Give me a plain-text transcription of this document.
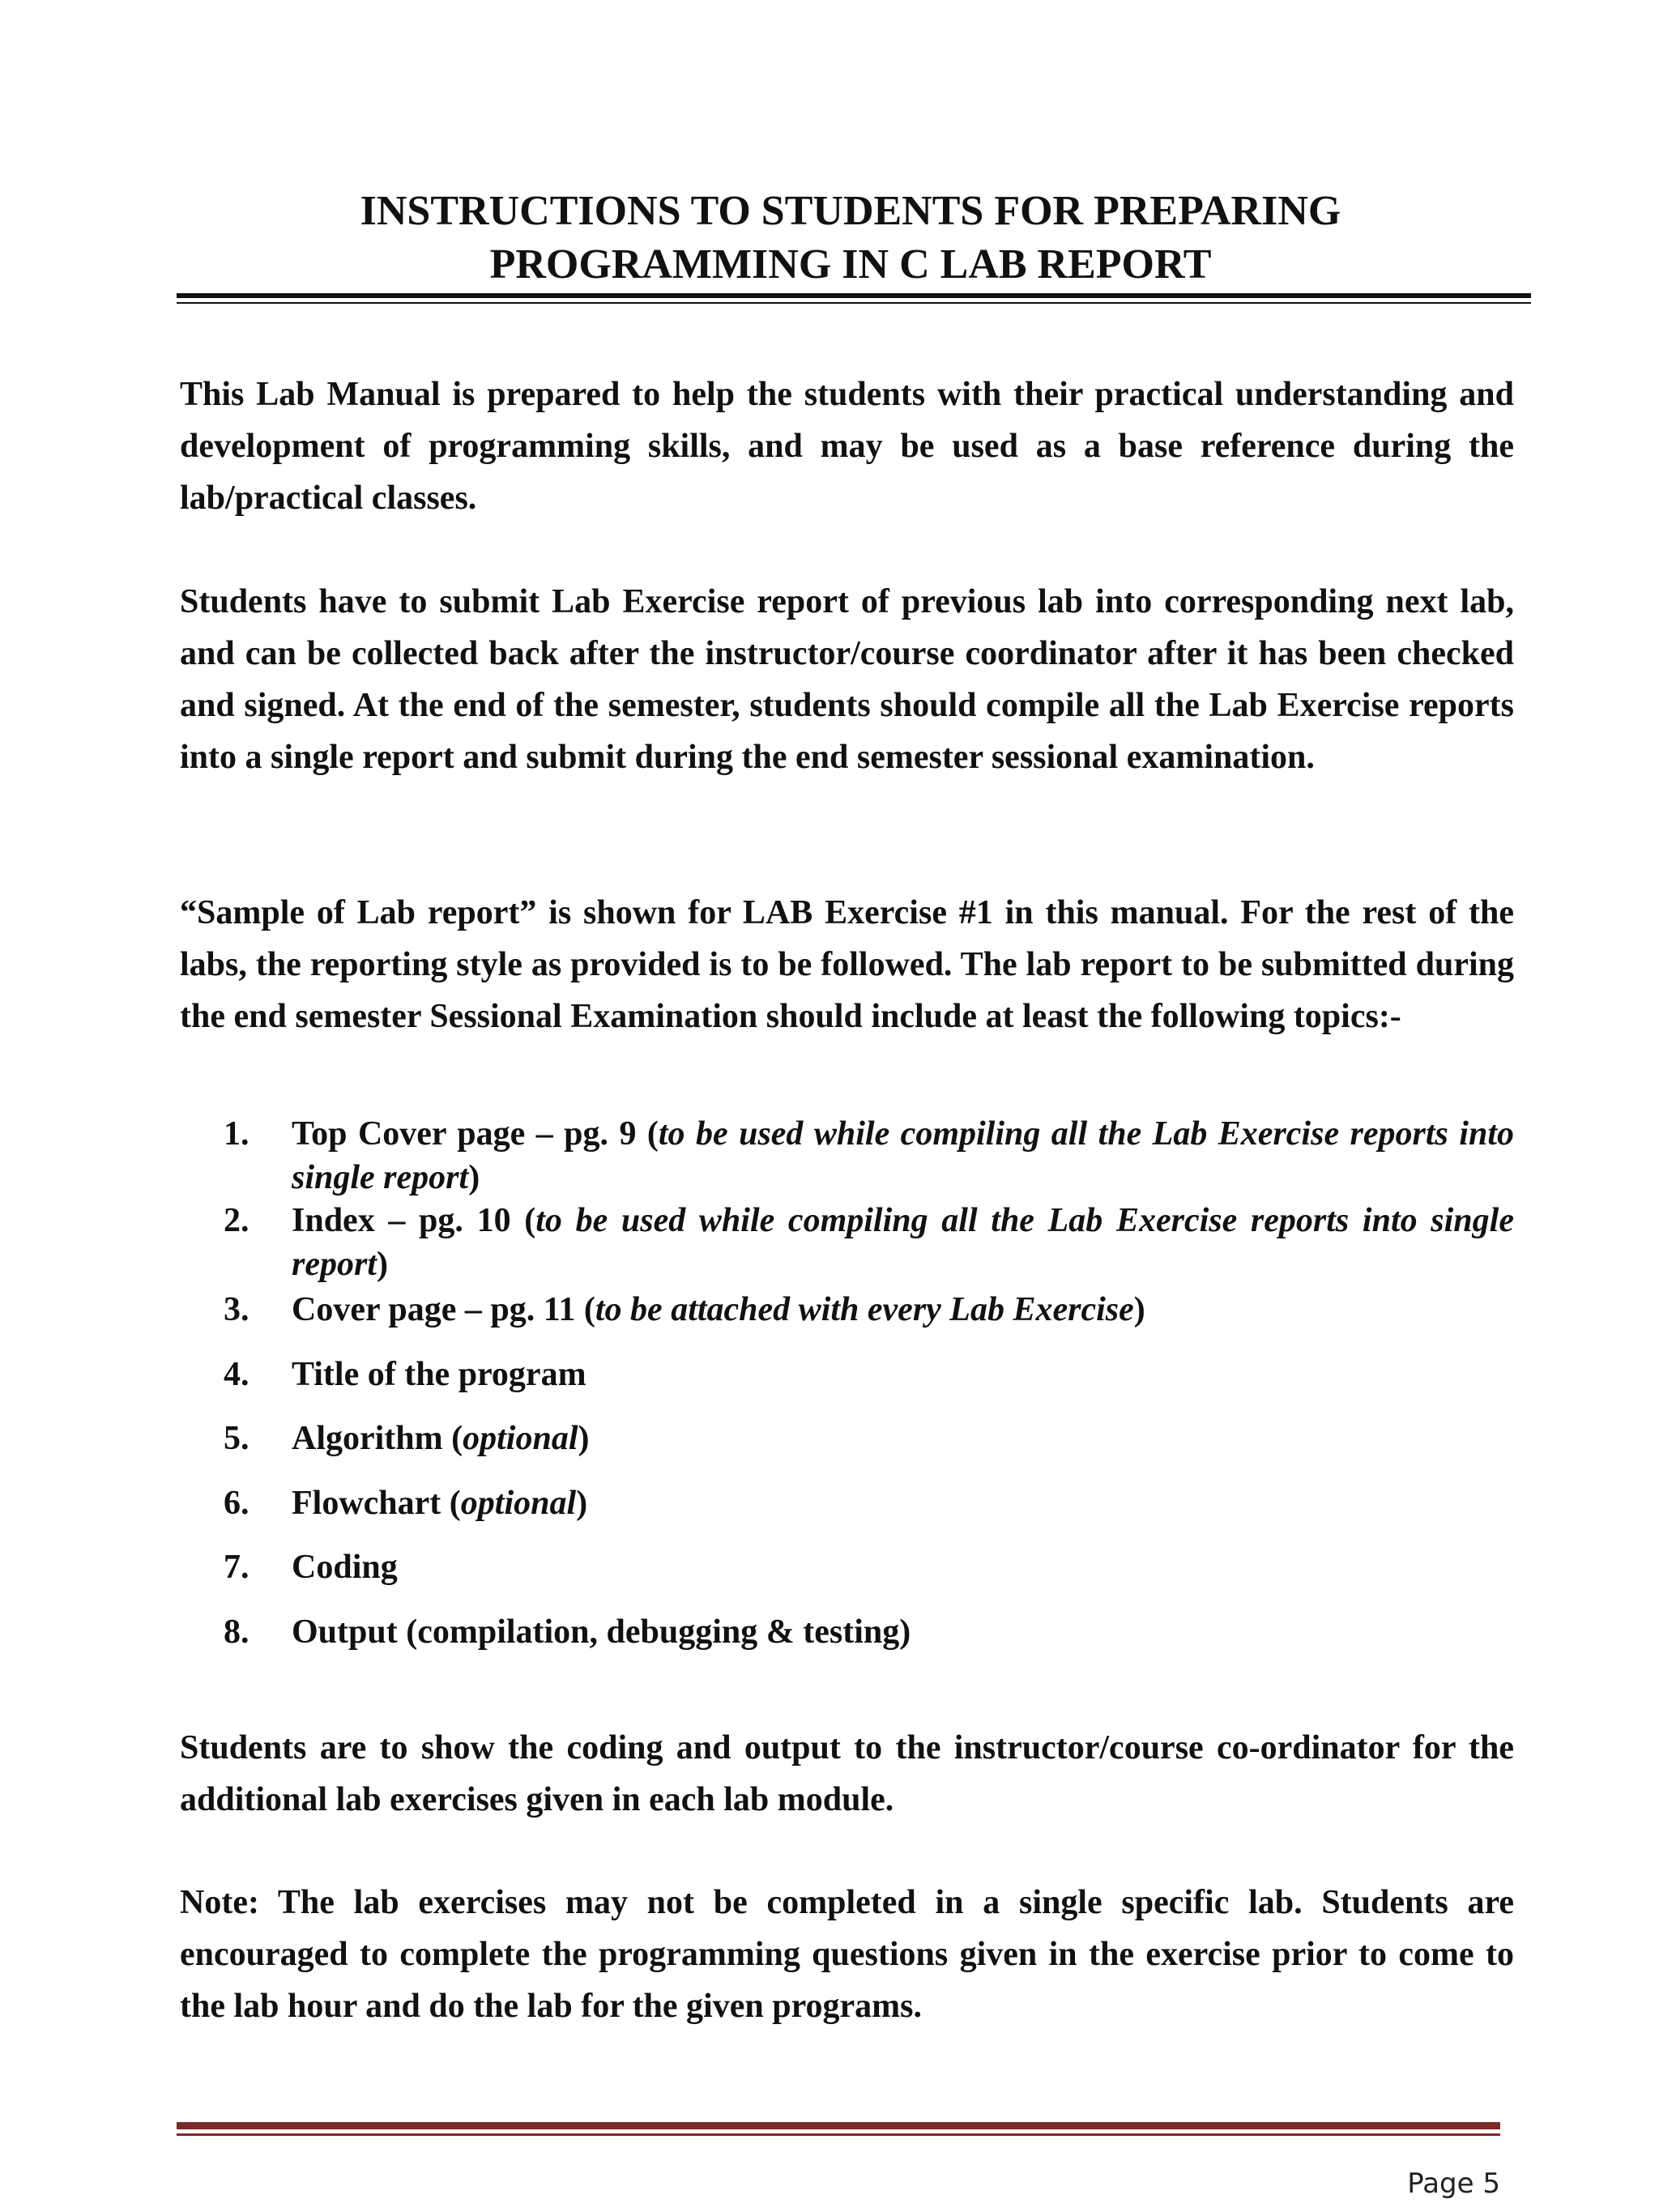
INSTRUCTIONS TO STUDENTS FOR PREPARING
PROGRAMMING IN C LAB REPORT
This Lab Manual is prepared to help the students with their practical understanding and development of programming skills, and may be used as a base reference during the lab/practical classes.
Students have to submit Lab Exercise report of previous lab into corresponding next lab, and can be collected back after the instructor/course coordinator after it has been checked and signed. At the end of the semester, students should compile all the Lab Exercise reports into a single report and submit during the end semester sessional examination.
“Sample of Lab report” is shown for LAB Exercise #1 in this manual. For the rest of the labs, the reporting style as provided is to be followed. The lab report to be submitted during the end semester Sessional Examination should include at least the following topics:-
1.	Top Cover page – pg. 9 (to be used while compiling all the Lab Exercise reports into single report)
2.	Index – pg. 10 (to be used while compiling all the Lab Exercise reports into single report)
3.	Cover page – pg. 11 (to be attached with every Lab Exercise)
4.	Title of the program
5.	Algorithm (optional)
6.	Flowchart (optional)
7.	Coding
8.	Output (compilation, debugging & testing)
Students are to show the coding and output to the instructor/course co-ordinator for the additional lab exercises given in each lab module.
Note: The lab exercises may not be completed in a single specific lab. Students are encouraged to complete the programming questions given in the exercise prior to come to the lab hour and do the lab for the given programs.
Page 5
